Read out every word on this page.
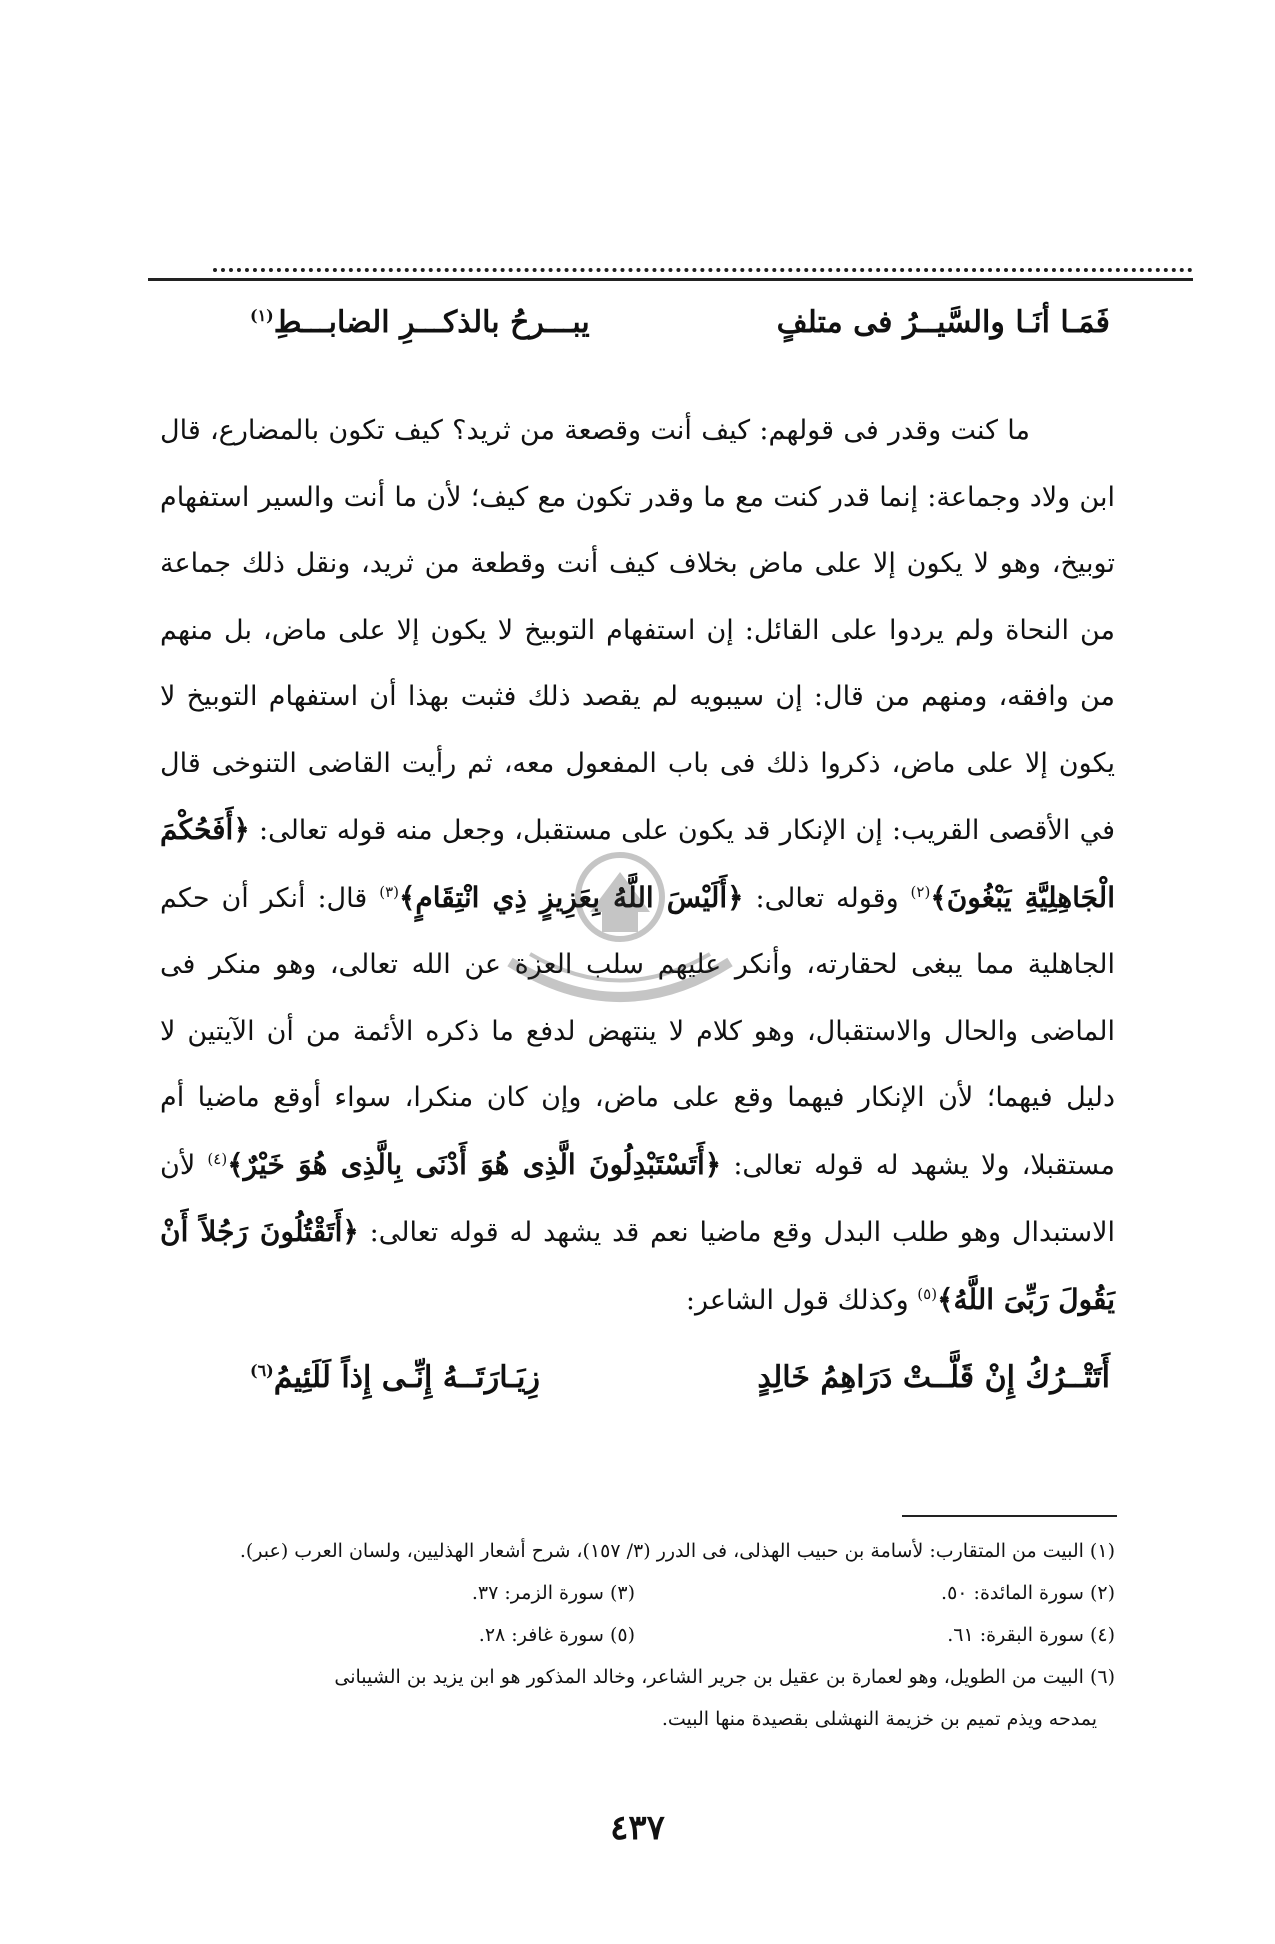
فَمَـا أنَـا والسَّيــرُ فى متلفٍ
يبـــرحُ بالذكـــرِ الضابـــطِ$^{(١)}$

ما كنت وقدر فى قولهم: كيف أنت وقصعة من ثريد؟ كيف تكون بالمضارع، قال ابن ولاد وجماعة: إنما قدر كنت مع ما وقدر تكون مع كيف؛ لأن ما أنت والسير استفهام توبيخ، وهو لا يكون إلا على ماض بخلاف كيف أنت وقطعة من ثريد، ونقل ذلك جماعة من النحاة ولم يردوا على القائل: إن استفهام التوبيخ لا يكون إلا على ماض، بل منهم من وافقه، ومنهم من قال: إن سيبويه لم يقصد ذلك فثبت بهذا أن استفهام التوبيخ لا يكون إلا على ماض، ذكروا ذلك فى باب المفعول معه، ثم رأيت القاضى التنوخى قال في الأقصى القريب: إن الإنكار قد يكون على مستقبل، وجعل منه قوله تعالى: ﴿أَفَحُكْمَ الْجَاهِلِيَّةِ يَبْغُونَ﴾$^{(٢)}$ وقوله تعالى: ﴿أَلَيْسَ اللَّهُ بِعَزِيزٍ ذِي انْتِقَامٍ﴾$^{(٣)}$ قال: أنكر أن حكم الجاهلية مما يبغى لحقارته، وأنكر عليهم سلب العزة عن الله تعالى، وهو منكر فى الماضى والحال والاستقبال، وهو كلام لا ينتهض لدفع ما ذكره الأئمة من أن الآيتين لا دليل فيهما؛ لأن الإنكار فيهما وقع على ماض، وإن كان منكرا، سواء أوقع ماضيا أم مستقبلا، ولا يشهد له قوله تعالى: ﴿أَتَسْتَبْدِلُونَ الَّذِى هُوَ أَدْنَى بِالَّذِى هُوَ خَيْرٌ﴾$^{(٤)}$ لأن الاستبدال وهو طلب البدل وقع ماضيا نعم قد يشهد له قوله تعالى: ﴿أَتَقْتُلُونَ رَجُلاً أَنْ يَقُولَ رَبِّىَ اللَّهُ﴾$^{(٥)}$ وكذلك قول الشاعر:

أَتَتْــرُكُ إِنْ قَلَّــتْ دَرَاهِمُ خَالِدٍ
زِيَـارَتَــهُ إِنِّـى إِذاً لَلَئِيمُ$^{(٦)}$
(١) البيت من المتقارب: لأسامة بن حبيب الهذلى، فى الدرر (٣/ ١٥٧)، شرح أشعار الهذليين، ولسان العرب (عبر).
(٢) سورة المائدة: ٥٠.
(٣) سورة الزمر: ٣٧.
(٤) سورة البقرة: ٦١.
(٥) سورة غافر: ٢٨.
(٦) البيت من الطويل، وهو لعمارة بن عقيل بن جرير الشاعر، وخالد المذكور هو ابن يزيد بن الشيبانى
يمدحه ويذم تميم بن خزيمة النهشلى بقصيدة منها البيت.
٤٣٧
